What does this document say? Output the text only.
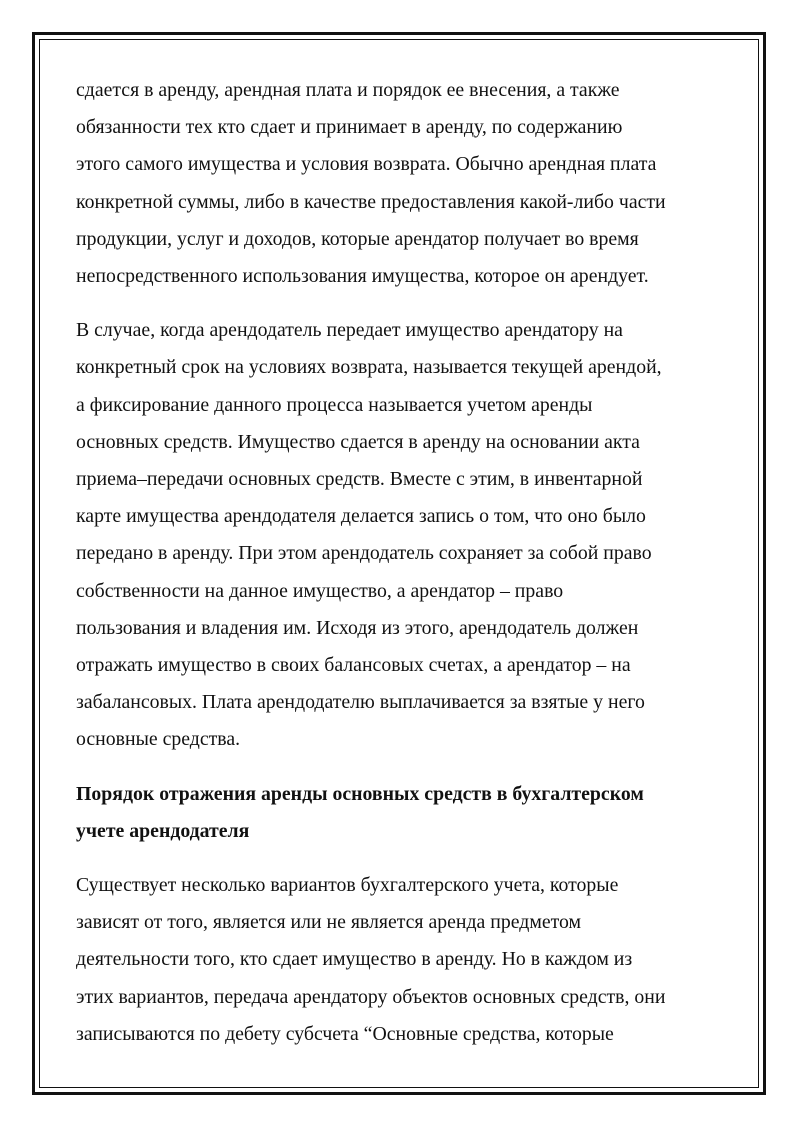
сдается в аренду, арендная плата и порядок ее внесения, а также
обязанности тех кто сдает и принимает в аренду, по содержанию
этого самого имущества и условия возврата. Обычно арендная плата
конкретной суммы, либо в качестве предоставления какой-либо части
продукции, услуг и доходов, которые арендатор получает во время
непосредственного использования имущества, которое он арендует.

В случае, когда арендодатель передает имущество арендатору на
конкретный срок на условиях возврата, называется текущей арендой,
а фиксирование данного процесса называется учетом аренды
основных средств. Имущество сдается в аренду на основании акта
приема–передачи основных средств. Вместе с этим, в инвентарной
карте имущества арендодателя делается запись о том, что оно было
передано в аренду. При этом арендодатель сохраняет за собой право
собственности на данное имущество, а арендатор – право
пользования и владения им. Исходя из этого, арендодатель должен
отражать имущество в своих балансовых счетах, а арендатор – на
забалансовых. Плата арендодателю выплачивается за взятые у него
основные средства.

Порядок отражения аренды основных средств в бухгалтерском
учете арендодателя

Существует несколько вариантов бухгалтерского учета, которые
зависят от того, является или не является аренда предметом
деятельности того, кто сдает имущество в аренду. Но в каждом из
этих вариантов, передача арендатору объектов основных средств, они
записываются по дебету субсчета “Основные средства, которые
